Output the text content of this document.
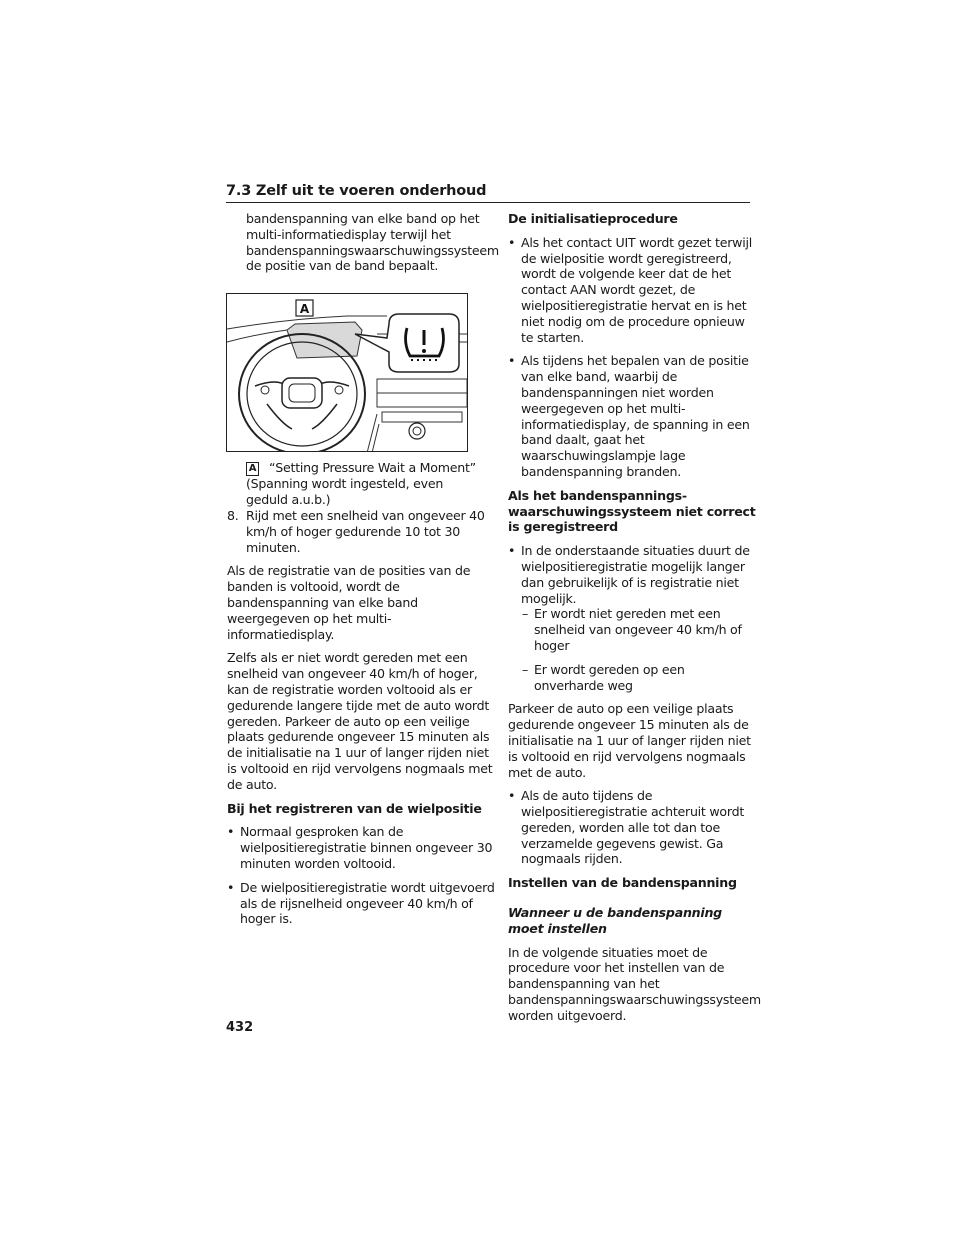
7.3 Zelf uit te voeren onderhoud

bandenspanning van elke band op het multi-informatiedisplay terwijl het bandenspanningswaarschuwingssysteem de positie van de band bepaalt.

A
A “Setting Pressure Wait a Moment” (Spanning wordt ingesteld, even geduld a.u.b.)
8. Rijd met een snelheid van ongeveer 40 km/h of hoger gedurende 10 tot 30 minuten.

Als de registratie van de posities van de banden is voltooid, wordt de bandenspanning van elke band weergegeven op het multi-informatiedisplay.

Zelfs als er niet wordt gereden met een snelheid van ongeveer 40 km/h of hoger, kan de registratie worden voltooid als er gedurende langere tijde met de auto wordt gereden. Parkeer de auto op een veilige plaats gedurende ongeveer 15 minuten als de initialisatie na 1 uur of langer rijden niet is voltooid en rijd vervolgens nogmaals met de auto.

Bij het registreren van de wielpositie

• Normaal gesproken kan de wielpositieregistratie binnen ongeveer 30 minuten worden voltooid.
• De wielpositieregistratie wordt uitgevoerd als de rijsnelheid ongeveer 40 km/h of hoger is.

De initialisatieprocedure

• Als het contact UIT wordt gezet terwijl de wielpositie wordt geregistreerd, wordt de volgende keer dat de het contact AAN wordt gezet, de wielpositieregistratie hervat en is het niet nodig om de procedure opnieuw te starten.
• Als tijdens het bepalen van de positie van elke band, waarbij de bandenspanningen niet worden weergegeven op het multi-informatiedisplay, de spanning in een band daalt, gaat het waarschuwingslampje lage bandenspanning branden.

Als het bandenspannings-waarschuwingssysteem niet correct is geregistreerd

• In de onderstaande situaties duurt de wielpositieregistratie mogelijk langer dan gebruikelijk of is registratie niet mogelijk.

– Er wordt niet gereden met een snelheid van ongeveer 40 km/h of hoger

– Er wordt gereden op een onverharde weg

Parkeer de auto op een veilige plaats gedurende ongeveer 15 minuten als de initialisatie na 1 uur of langer rijden niet is voltooid en rijd vervolgens nogmaals met de auto.

• Als de auto tijdens de wielpositieregistratie achteruit wordt gereden, worden alle tot dan toe verzamelde gegevens gewist. Ga nogmaals rijden.

Instellen van de bandenspanning

Wanneer u de bandenspanning moet instellen

In de volgende situaties moet de procedure voor het instellen van de bandenspanning van het bandenspanningswaarschuwingssysteem worden uitgevoerd.

432
